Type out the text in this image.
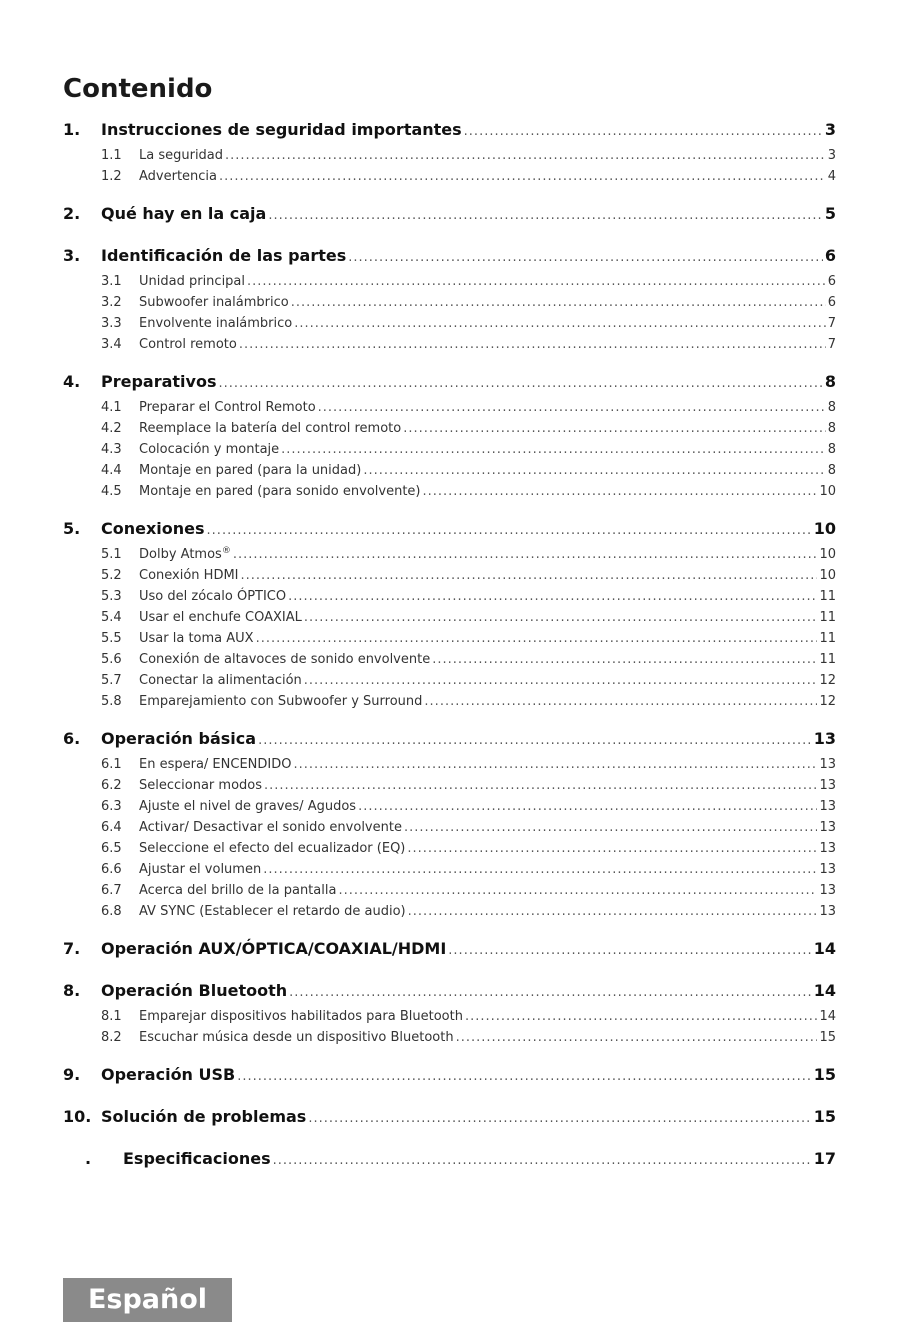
Contenido
1.	Instrucciones de seguridad importantes .....	3
1.1	La seguridad .....	3
1.2	Advertencia .....	4
2.	Qué hay en la caja .....	5
3.	Identificación de las partes .....	6
3.1	Unidad principal .....	6
3.2	Subwoofer inalámbrico .....	6
3.3	Envolvente inalámbrico .....	7
3.4	Control remoto .....	7
4.	Preparativos .....	8
4.1	Preparar el Control Remoto .....	8
4.2	Reemplace la batería del control remoto .....	8
4.3	Colocación y montaje .....	8
4.4	Montaje en pared (para la unidad) .....	8
4.5	Montaje en pared (para sonido envolvente) .....	10
5.	Conexiones .....	10
5.1	Dolby Atmos® .....	10
5.2	Conexión HDMI .....	10
5.3	Uso del zócalo ÓPTICO .....	11
5.4	Usar el enchufe COAXIAL .....	11
5.5	Usar la toma AUX .....	11
5.6	Conexión de altavoces de sonido envolvente .....	11
5.7	Conectar la alimentación .....	12
5.8	Emparejamiento con Subwoofer y Surround .....	12
6.	Operación básica .....	13
6.1	En espera/ ENCENDIDO .....	13
6.2	Seleccionar modos .....	13
6.3	Ajuste el nivel de graves/ Agudos .....	13
6.4	Activar/ Desactivar el sonido envolvente .....	13
6.5	Seleccione el efecto del ecualizador (EQ) .....	13
6.6	Ajustar el volumen .....	13
6.7	Acerca del brillo de la pantalla .....	13
6.8	AV SYNC (Establecer el retardo de audio) .....	13
7.	Operación AUX/ÓPTICA/COAXIAL/HDMI .....	14
8.	Operación Bluetooth .....	14
8.1	Emparejar dispositivos habilitados para Bluetooth .....	14
8.2	Escuchar música desde un dispositivo Bluetooth .....	15
9.	Operación USB .....	15
10. Solución de problemas .....	15
.	Especificaciones .....	17
Español
